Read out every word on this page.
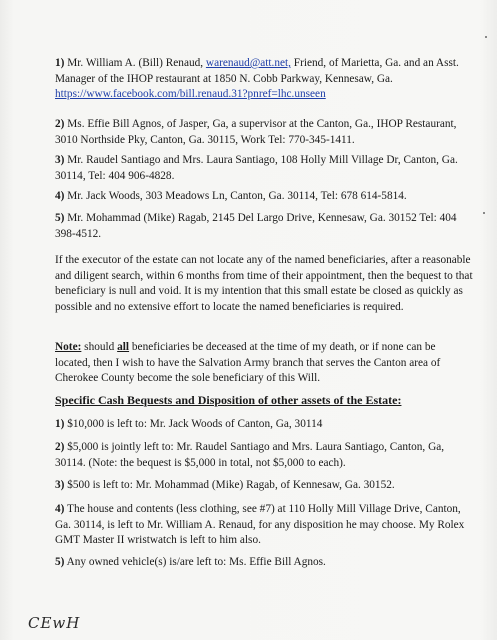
1) Mr. William A. (Bill) Renaud, warenaud@att.net, Friend, of Marietta, Ga. and an Asst. Manager of the IHOP restaurant at 1850 N. Cobb Parkway, Kennesaw, Ga. https://www.facebook.com/bill.renaud.31?pnref=lhc.unseen
2) Ms. Effie Bill Agnos, of Jasper, Ga, a supervisor at the Canton, Ga., IHOP Restaurant, 3010 Northside Pky, Canton, Ga. 30115, Work Tel: 770-345-1411.
3) Mr. Raudel Santiago and Mrs. Laura Santiago, 108 Holly Mill Village Dr, Canton, Ga. 30114, Tel: 404 906-4828.
4) Mr. Jack Woods, 303 Meadows Ln, Canton, Ga. 30114, Tel: 678 614-5814.
5) Mr. Mohammad (Mike) Ragab, 2145 Del Largo Drive, Kennesaw, Ga. 30152 Tel: 404 398-4512.
If the executor of the estate can not locate any of the named beneficiaries, after a reasonable and diligent search, within 6 months from time of their appointment, then the bequest to that beneficiary is null and void. It is my intention that this small estate be closed as quickly as possible and no extensive effort to locate the named beneficiaries is required.
Note: should all beneficiaries be deceased at the time of my death, or if none can be located, then I wish to have the Salvation Army branch that serves the Canton area of Cherokee County become the sole beneficiary of this Will.
Specific Cash Bequests and Disposition of other assets of the Estate:
1) $10,000 is left to: Mr. Jack Woods of Canton, Ga, 30114
2) $5,000 is jointly left to: Mr. Raudel Santiago and Mrs. Laura Santiago, Canton, Ga, 30114. (Note: the bequest is $5,000 in total, not $5,000 to each).
3) $500 is left to: Mr. Mohammad (Mike) Ragab, of Kennesaw, Ga. 30152.
4) The house and contents (less clothing, see #7) at 110 Holly Mill Village Drive, Canton, Ga. 30114, is left to Mr. William A. Renaud, for any disposition he may choose. My Rolex GMT Master II wristwatch is left to him also.
5) Any owned vehicle(s) is/are left to: Ms. Effie Bill Agnos.
CEwH
